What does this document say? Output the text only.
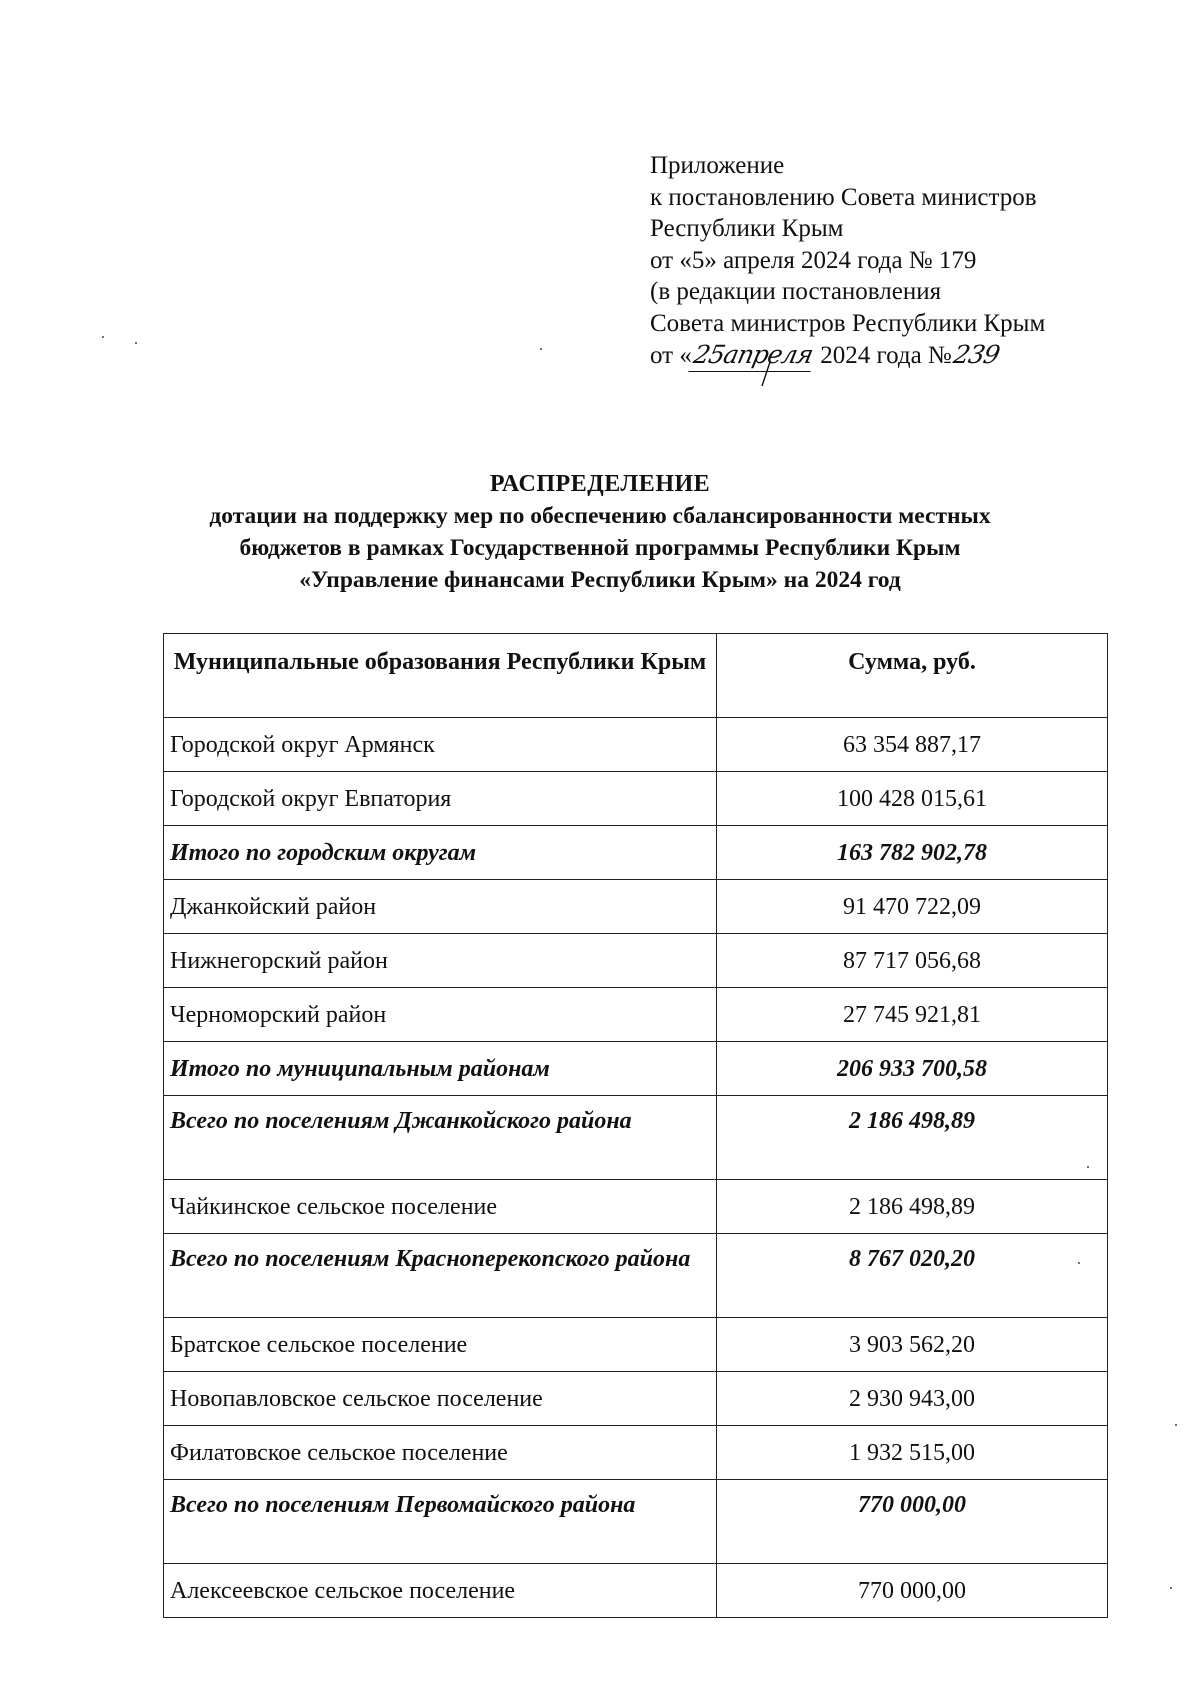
Приложение
к постановлению Совета министров
Республики Крым
от «5» апреля 2024 года № 179
(в редакции постановления
Совета министров Республики Крым
от «25апреля 2024 года №239
РАСПРЕДЕЛЕНИЕ
дотации на поддержку мер по обеспечению сбалансированности местных
бюджетов в рамках Государственной программы Республики Крым
«Управление финансами Республики Крым» на 2024 год
Муниципальные образования Республики Крым	Сумма, руб.
Городской округ Армянск	63 354 887,17
Городской округ Евпатория	100 428 015,61
Итого по городским округам	163 782 902,78
Джанкойский район	91 470 722,09
Нижнегорский район	87 717 056,68
Черноморский район	27 745 921,81
Итого по муниципальным районам	206 933 700,58
Всего по поселениям Джанкойского района	2 186 498,89
Чайкинское сельское поселение	2 186 498,89
Всего по поселениям Красноперекопского района	8 767 020,20
Братское сельское поселение	3 903 562,20
Новопавловское сельское поселение	2 930 943,00
Филатовское сельское поселение	1 932 515,00
Всего по поселениям Первомайского района	770 000,00
Алексеевское сельское поселение	770 000,00
